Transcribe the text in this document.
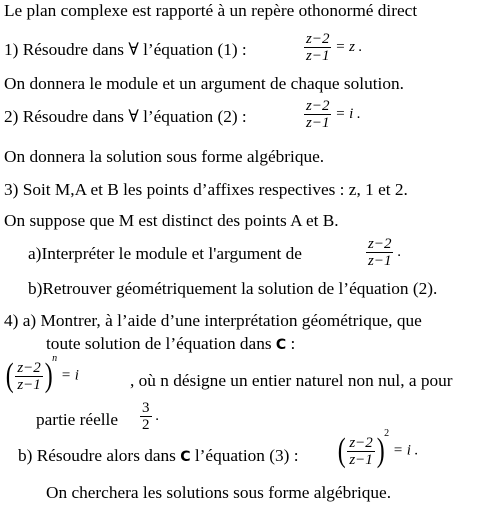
Le plan complexe est rapporté à un repère othonormé direct
1) Résoudre dans ∀ l’équation (1) :	$\frac{z-2}{z-1} = z$ .
On donnera le module et un argument de chaque solution.
2) Résoudre dans ∀ l’équation (2) :	$\frac{z-2}{z-1} = i$ .
On donnera la solution sous forme algébrique.
3) Soit M,A et B les points d’affixes respectives : z, 1 et 2.
On suppose que M est distinct des points A et B.
a)Interpréter le module et l'argument de	$\frac{z-2}{z-1}$ .
b)Retrouver géométriquement la solution de l’équation (2).
4) a) Montrer, à l’aide d’une interprétation géométrique, que
toute solution de l’équation dans C :
( $\frac{z-2}{z-1} )^n = i$	, où n désigne un entier naturel non nul, a pour
partie réelle $\frac{3}{2}$ .
b) Résoudre alors dans C l’équation (3) : ( $\frac{z-2}{z-1} )^2 = i$ .
On cherchera les solutions sous forme algébrique.
